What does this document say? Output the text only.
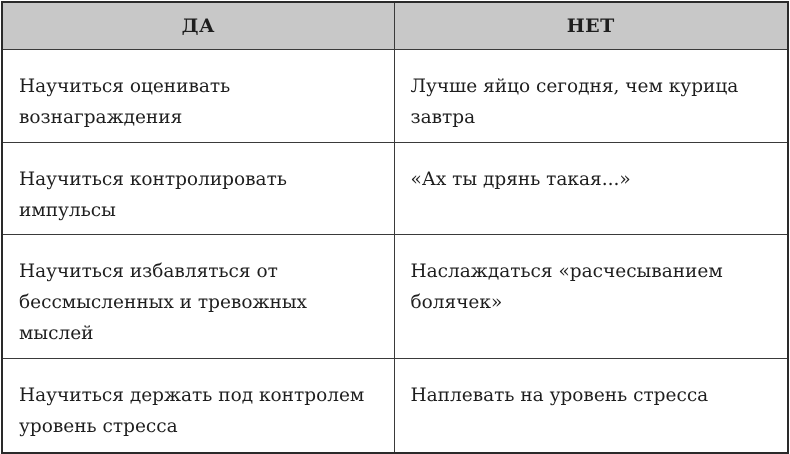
ДА	НЕТ
Научиться оценивать вознаграждения	Лучше яйцо сегодня, чем курица завтра
Научиться контролировать импульсы	«Ах ты дрянь такая...»
Научиться избавляться от бессмысленных и тревожных мыслей	Наслаждаться «расчесыванием болячек»
Научиться держать под контролем уровень стресса	Наплевать на уровень стресса
